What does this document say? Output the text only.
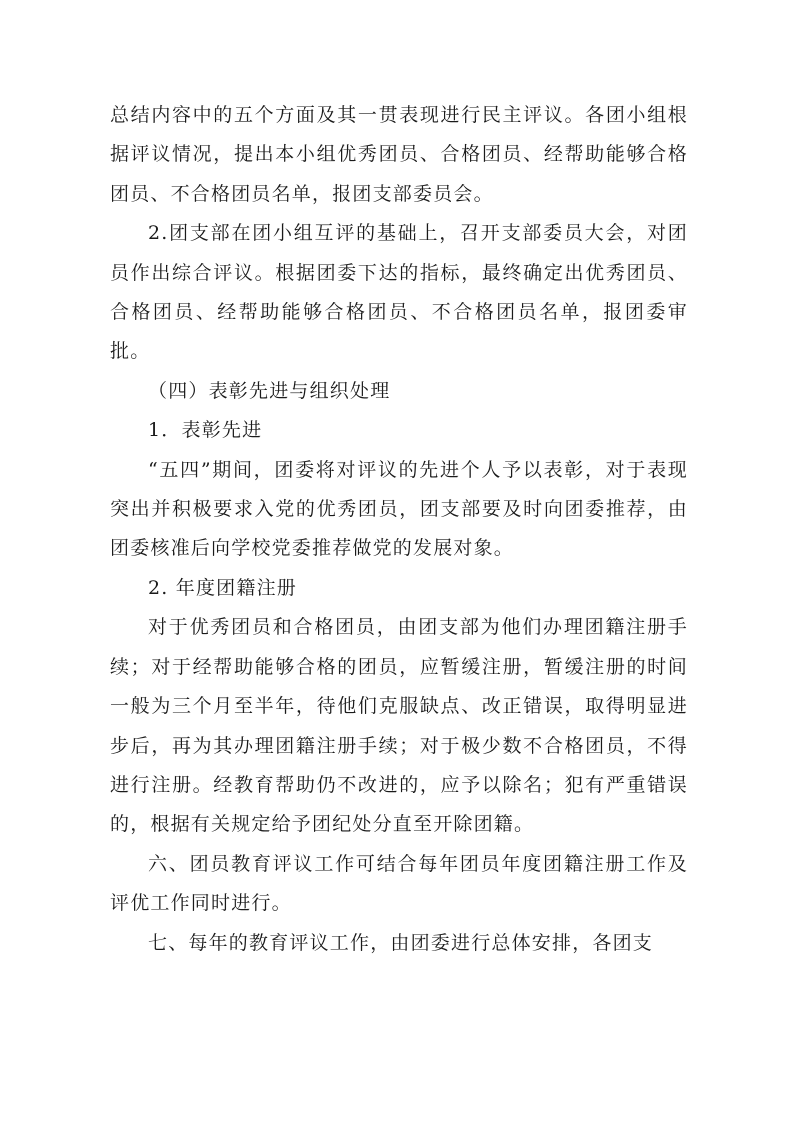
总结内容中的五个方面及其一贯表现进行民主评议。各团小组根据评议情况，提出本小组优秀团员、合格团员、经帮助能够合格团员、不合格团员名单，报团支部委员会。

2.团支部在团小组互评的基础上，召开支部委员大会，对团员作出综合评议。根据团委下达的指标，最终确定出优秀团员、合格团员、经帮助能够合格团员、不合格团员名单，报团委审批。

（四）表彰先进与组织处理

1．表彰先进

“五四”期间，团委将对评议的先进个人予以表彰，对于表现突出并积极要求入党的优秀团员，团支部要及时向团委推荐，由团委核准后向学校党委推荐做党的发展对象。

2. 年度团籍注册

对于优秀团员和合格团员，由团支部为他们办理团籍注册手续；对于经帮助能够合格的团员，应暂缓注册，暂缓注册的时间一般为三个月至半年，待他们克服缺点、改正错误，取得明显进步后，再为其办理团籍注册手续；对于极少数不合格团员，不得进行注册。经教育帮助仍不改进的，应予以除名；犯有严重错误的，根据有关规定给予团纪处分直至开除团籍。

六、团员教育评议工作可结合每年团员年度团籍注册工作及评优工作同时进行。

七、每年的教育评议工作，由团委进行总体安排，各团支
